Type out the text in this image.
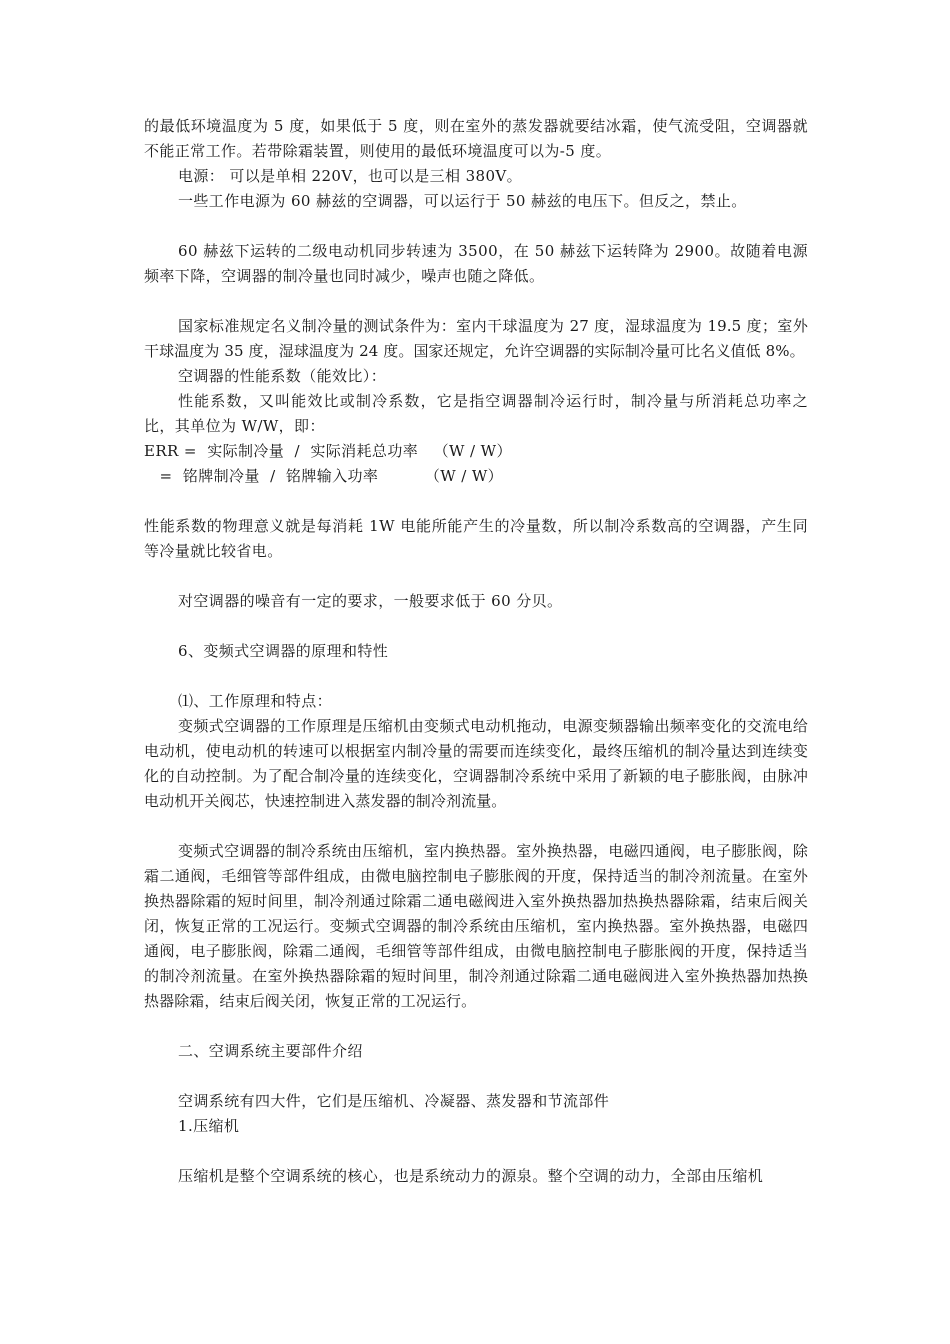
的最低环境温度为 5 度，如果低于 5 度，则在室外的蒸发器就要结冰霜，使气流受阻，空调器就不能正常工作。若带除霜装置，则使用的最低环境温度可以为-5 度。

电源： 可以是单相 220V，也可以是三相 380V。

一些工作电源为 60 赫兹的空调器，可以运行于 50 赫兹的电压下。但反之，禁止。

60 赫兹下运转的二级电动机同步转速为 3500，在 50 赫兹下运转降为 2900。故随着电源频率下降，空调器的制冷量也同时减少，噪声也随之降低。

国家标准规定名义制冷量的测试条件为：室内干球温度为 27 度，湿球温度为 19.5 度；室外干球温度为 35 度，湿球温度为 24 度。国家还规定，允许空调器的实际制冷量可比名义值低 8%。

空调器的性能系数（能效比）：

性能系数，又叫能效比或制冷系数，它是指空调器制冷运行时，制冷量与所消耗总功率之比，其单位为 W/W，即：

ERR =  实际制冷量  /  实际消耗总功率   （W / W）

=  铭牌制冷量  /  铭牌输入功率         （W / W）

性能系数的物理意义就是每消耗 1W 电能所能产生的冷量数，所以制冷系数高的空调器，产生同等冷量就比较省电。

对空调器的噪音有一定的要求，一般要求低于 60 分贝。

6、变频式空调器的原理和特性

⑴、工作原理和特点：

变频式空调器的工作原理是压缩机由变频式电动机拖动，电源变频器输出频率变化的交流电给电动机，使电动机的转速可以根据室内制冷量的需要而连续变化，最终压缩机的制冷量达到连续变化的自动控制。为了配合制冷量的连续变化，空调器制冷系统中采用了新颖的电子膨胀阀，由脉冲电动机开关阀芯，快速控制进入蒸发器的制冷剂流量。

变频式空调器的制冷系统由压缩机，室内换热器。室外换热器，电磁四通阀，电子膨胀阀，除霜二通阀，毛细管等部件组成，由微电脑控制电子膨胀阀的开度，保持适当的制冷剂流量。在室外换热器除霜的短时间里，制冷剂通过除霜二通电磁阀进入室外换热器加热换热器除霜，结束后阀关闭，恢复正常的工况运行。变频式空调器的制冷系统由压缩机，室内换热器。室外换热器，电磁四通阀，电子膨胀阀，除霜二通阀，毛细管等部件组成，由微电脑控制电子膨胀阀的开度，保持适当的制冷剂流量。在室外换热器除霜的短时间里，制冷剂通过除霜二通电磁阀进入室外换热器加热换热器除霜，结束后阀关闭，恢复正常的工况运行。

二、空调系统主要部件介绍

空调系统有四大件，它们是压缩机、冷凝器、蒸发器和节流部件

1.压缩机

压缩机是整个空调系统的核心，也是系统动力的源泉。整个空调的动力，全部由压缩机
